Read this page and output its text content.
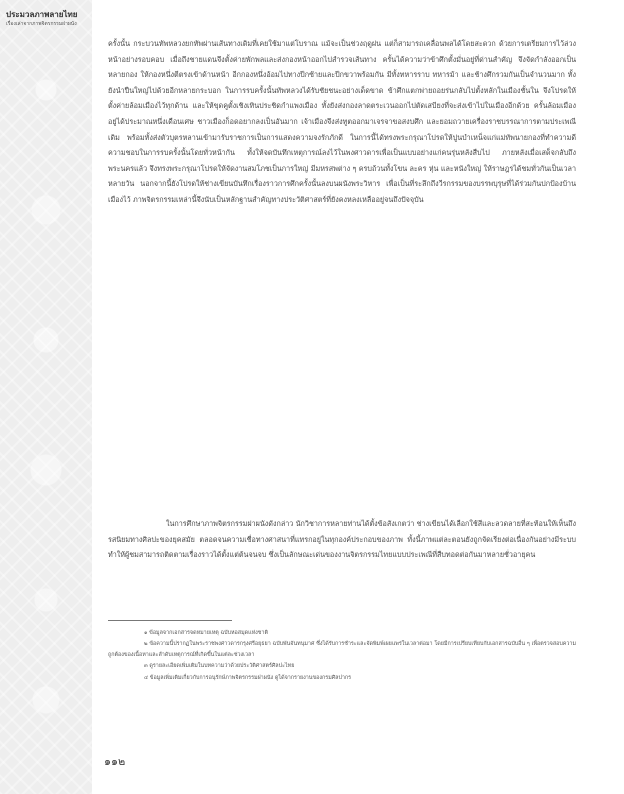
ประมวลภาพลายไทย
เรื่องเล่าจากภาพจิตรกรรมฝาผนัง

ครั้งนั้น กระบวนทัพหลวงยกทัพผ่านเส้นทางเดิมที่เคยใช้มาแต่โบราณ แม้จะเป็นช่วงฤดูฝน แต่ก็สามารถเคลื่อนพลได้โดยสะดวก ด้วยการเตรียมการไว้ล่วงหน้าอย่างรอบคอบ เมื่อถึงชายแดนจึงตั้งค่ายพักพลและส่งกองหน้าออกไปสำรวจเส้นทาง ครั้นได้ความว่าข้าศึกตั้งมั่นอยู่ที่ด่านสำคัญ จึงจัดกำลังออกเป็นหลายกอง ให้กองหนึ่งตีตรงเข้าด้านหน้า อีกกองหนึ่งอ้อมไปทางปีกซ้ายและปีกขวาพร้อมกัน มีทั้งทหารราบ ทหารม้า และช้างศึกรวมกันเป็นจำนวนมาก ทั้งยังนำปืนใหญ่ไปด้วยอีกหลายกระบอก ในการรบครั้งนั้นทัพหลวงได้รับชัยชนะอย่างเด็ดขาด ข้าศึกแตกพ่ายถอยร่นกลับไปตั้งหลักในเมืองชั้นใน จึงโปรดให้ตั้งค่ายล้อมเมืองไว้ทุกด้าน และให้ขุดคูตั้งเชิงเทินประชิดกำแพงเมือง ทั้งยังส่งกองลาดตระเวนออกไปตัดเสบียงที่จะส่งเข้าไปในเมืองอีกด้วย ครั้นล้อมเมืองอยู่ได้ประมาณหนึ่งเดือนเศษ ชาวเมืองก็อดอยากลงเป็นอันมาก เจ้าเมืองจึงส่งทูตออกมาเจรจาขอสงบศึก และยอมถวายเครื่องราชบรรณาการตามประเพณีเดิม พร้อมทั้งส่งตัวบุตรหลานเข้ามารับราชการเป็นการแสดงความจงรักภักดี ในการนี้ได้ทรงพระกรุณาโปรดให้ปูนบำเหน็จแก่แม่ทัพนายกองที่ทำความดีความชอบในการรบครั้งนั้นโดยทั่วหน้ากัน ทั้งให้จดบันทึกเหตุการณ์ลงไว้ในพงศาวดารเพื่อเป็นแบบอย่างแก่คนรุ่นหลังสืบไป ภายหลังเมื่อเสด็จกลับถึงพระนครแล้ว จึงทรงพระกรุณาโปรดให้จัดงานสมโภชเป็นการใหญ่ มีมหรสพต่าง ๆ ครบถ้วนทั้งโขน ละคร หุ่น และหนังใหญ่ ให้ราษฎรได้ชมทั่วกันเป็นเวลาหลายวัน นอกจากนี้ยังโปรดให้ช่างเขียนบันทึกเรื่องราวการศึกครั้งนั้นลงบนผนังพระวิหาร เพื่อเป็นที่ระลึกถึงวีรกรรมของบรรพบุรุษที่ได้ร่วมกันปกป้องบ้านเมืองไว้ ภาพจิตรกรรมเหล่านี้จึงนับเป็นหลักฐานสำคัญทางประวัติศาสตร์ที่ยังคงหลงเหลืออยู่จนถึงปัจจุบัน

ในการศึกษาภาพจิตรกรรมฝาผนังดังกล่าว นักวิชาการหลายท่านได้ตั้งข้อสังเกตว่า ช่างเขียนได้เลือกใช้สีและลวดลายที่สะท้อนให้เห็นถึงรสนิยมทางศิลปะของยุคสมัย ตลอดจนความเชื่อทางศาสนาที่แทรกอยู่ในทุกองค์ประกอบของภาพ ทั้งนี้ภาพแต่ละตอนยังถูกจัดเรียงต่อเนื่องกันอย่างมีระบบ ทำให้ผู้ชมสามารถติดตามเรื่องราวได้ตั้งแต่ต้นจนจบ ซึ่งเป็นลักษณะเด่นของงานจิตรกรรมไทยแบบประเพณีที่สืบทอดต่อกันมาหลายชั่วอายุคน

๑ ข้อมูลจากเอกสารจดหมายเหตุ ฉบับหอสมุดแห่งชาติ

๒ ข้อความนี้ปรากฏในพระราชพงศาวดารกรุงศรีอยุธยา ฉบับพันจันทนุมาศ ซึ่งได้รับการชำระและจัดพิมพ์เผยแพร่ในเวลาต่อมา โดยมีการเปรียบเทียบกับเอกสารฉบับอื่น ๆ เพื่อตรวจสอบความถูกต้องของเนื้อหาและลำดับเหตุการณ์ที่เกิดขึ้นในแต่ละช่วงเวลา

๓ ดูรายละเอียดเพิ่มเติมในบทความว่าด้วยประวัติศาสตร์ศิลปะไทย

๔ ข้อมูลเพิ่มเติมเกี่ยวกับการอนุรักษ์ภาพจิตรกรรมฝาผนัง ดูได้จากรายงานของกรมศิลปากร

๑๑๒
